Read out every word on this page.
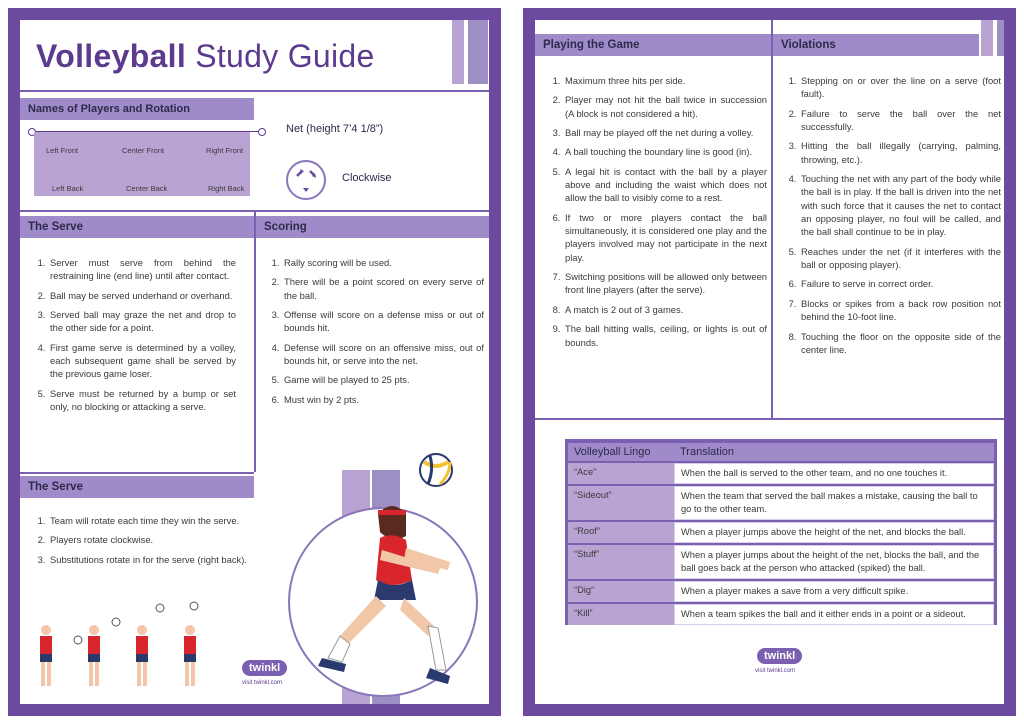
Volleyball Study Guide
Names of Players and Rotation
Left Front	Center Front	Right Front
Left Back	Center Back	Right Back
Net (height 7’4 1/8”)
Clockwise
The Serve
1. Server must serve from behind the restraining line (end line) until after contact.
2. Ball may be served underhand or overhand.
3. Served ball may graze the net and drop to the other side for a point.
4. First game serve is determined by a volley, each subsequent game shall be served by the previous game loser.
5. Serve must be returned by a bump or set only, no blocking or attacking a serve.
Scoring
1. Rally scoring will be used.
2. There will be a point scored on every serve of the ball.
3. Offense will score on a defense miss or out of bounds hit.
4. Defense will score on an offensive miss, out of bounds hit, or serve into the net.
5. Game will be played to 25 pts.
6. Must win by 2 pts.
The Serve
1. Team will rotate each time they win the serve.
2. Players rotate clockwise.
3. Substitutions rotate in for the serve (right back).
twinkl
visit twinkl.com
Playing the Game	Violations
1. Maximum three hits per side.
2. Player may not hit the ball twice in succession (A block is not considered a hit).
3. Ball may be played off the net during a volley.
4. A ball touching the boundary line is good (in).
5. A legal hit is contact with the ball by a player above and including the waist which does not allow the ball to visibly come to a rest.
6. If two or more players contact the ball simultaneously, it is considered one play and the players involved may not participate in the next play.
7. Switching positions will be allowed only between front line players (after the serve).
8. A match is 2 out of 3 games.
9. The ball hitting walls, ceiling, or lights is out of bounds.
1. Stepping on or over the line on a serve (foot fault).
2. Failure to serve the ball over the net successfully.
3. Hitting the ball illegally (carrying, palming, throwing, etc.).
4. Touching the net with any part of the body while the ball is in play. If the ball is driven into the net with such force that it causes the net to contact an opposing player, no foul will be called, and the ball shall continue to be in play.
5. Reaches under the net (if it interferes with the ball or opposing player).
6. Failure to serve in correct order.
7. Blocks or spikes from a back row position not behind the 10-foot line.
8. Touching the floor on the opposite side of the center line.
Volleyball Lingo	Translation
“Ace”	When the ball is served to the other team, and no one touches it.
“Sideout”	When the team that served the ball makes a mistake, causing the ball to go to the other team.
“Roof”	When a player jumps above the height of the net, and blocks the ball.
“Stuff”	When a player jumps about the height of the net, blocks the ball, and the ball goes back at the person who attacked (spiked) the ball.
“Dig”	When a player makes a save from a very difficult spike.
“Kill”	When a team spikes the ball and it either ends in a point or a sideout.
twinkl
visit twinkl.com
